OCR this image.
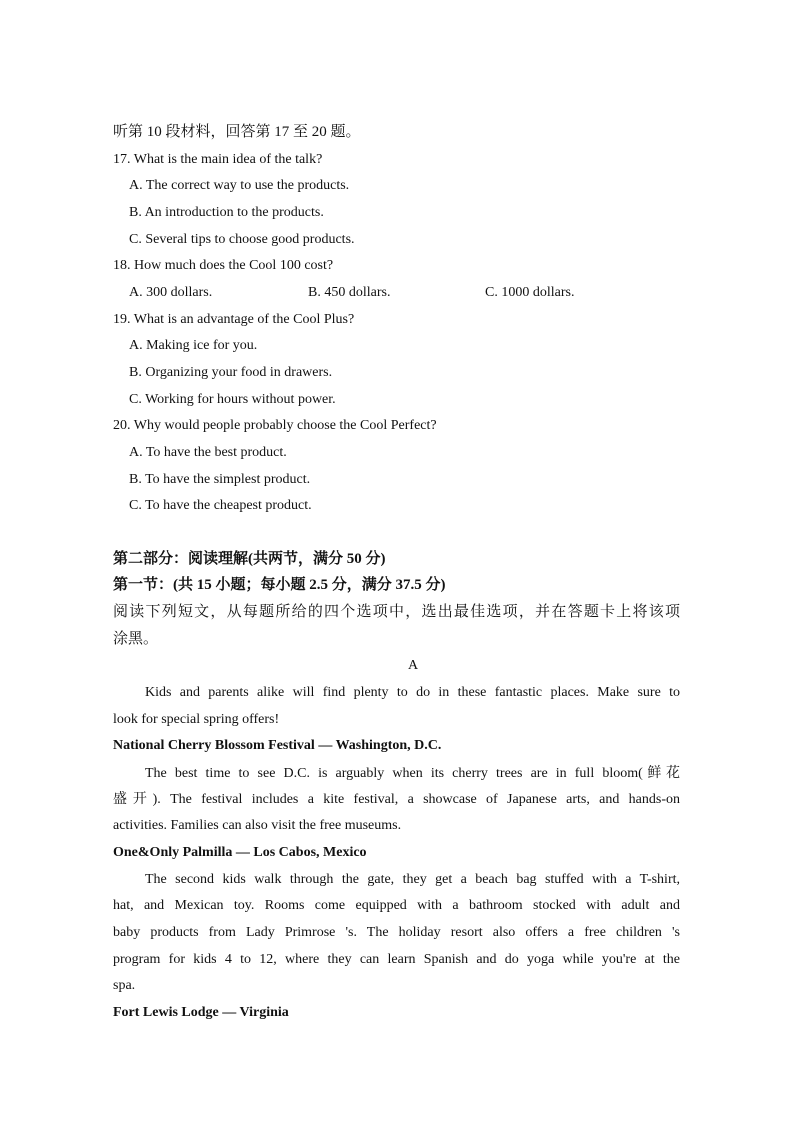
听第 10 段材料，回答第 17 至 20 题。
17. What is the main idea of the talk?
A. The correct way to use the products.
B. An introduction to the products.
C. Several tips to choose good products.
18. How much does the Cool 100 cost?
A. 300 dollars.	B. 450 dollars.	C. 1000 dollars.
19. What is an advantage of the Cool Plus?
A. Making ice for you.
B. Organizing your food in drawers.
C. Working for hours without power.
20. Why would people probably choose the Cool Perfect?
A. To have the best product.
B. To have the simplest product.
C. To have the cheapest product.
第二部分：阅读理解(共两节，满分 50 分)
第一节：(共 15 小题；每小题 2.5 分，满分 37.5 分)
阅读下列短文，从每题所给的四个选项中，选出最佳选项，并在答题卡上将该项
涂黑。
A
Kids and parents alike will find plenty to do in these fantastic places. Make sure to
look for special spring offers!
National Cherry Blossom Festival — Washington, D.C.
The best time to see D.C. is arguably when its cherry trees are in full bloom(鲜花
盛开). The festival includes a kite festival, a showcase of Japanese arts, and hands-on
activities. Families can also visit the free museums.
One&Only Palmilla — Los Cabos, Mexico
The second kids walk through the gate, they get a beach bag stuffed with a T-shirt,
hat, and Mexican toy. Rooms come equipped with a bathroom stocked with adult and
baby products from Lady Primrose 's. The holiday resort also offers a free children 's
program for kids 4 to 12, where they can learn Spanish and do yoga while you're at the
spa.
Fort Lewis Lodge — Virginia
